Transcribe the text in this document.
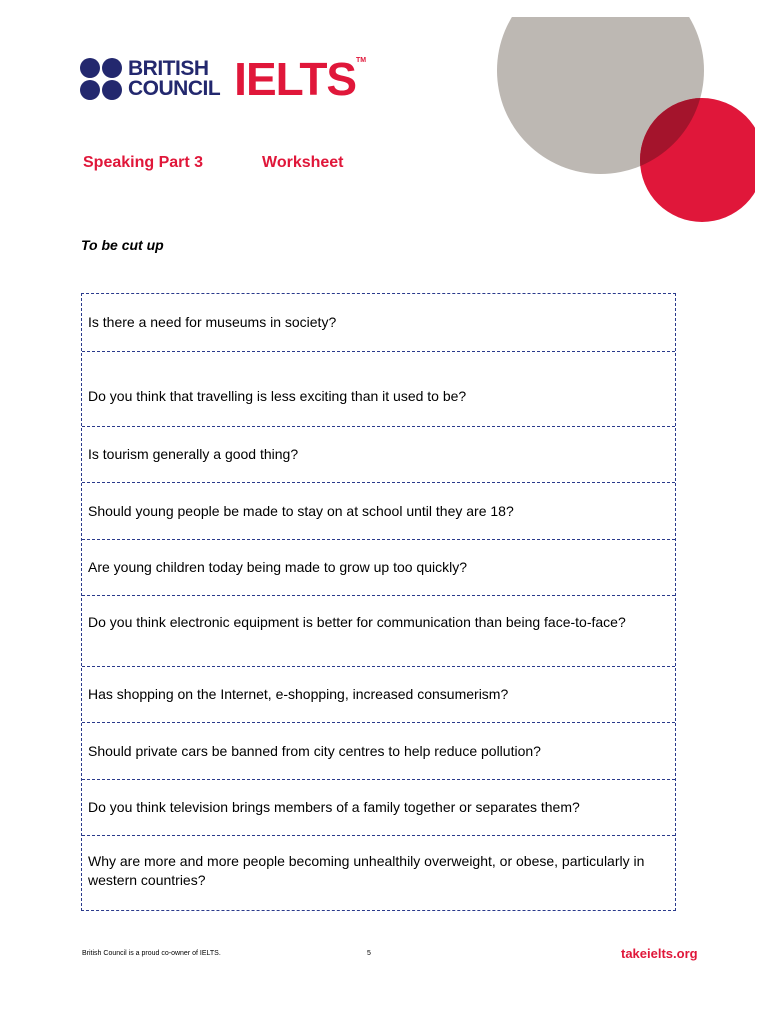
BRITISH
COUNCIL IELTS TM
Speaking Part 3	Worksheet
To be cut up
Is there a need for museums in society?
Do you think that travelling is less exciting than it used to be?
Is tourism generally a good thing?
Should young people be made to stay on at school until they are 18?
Are young children today being made to grow up too quickly?
Do you think electronic equipment is better for communication than being face-to-face?
Has shopping on the Internet, e-shopping, increased consumerism?
Should private cars be banned from city centres to help reduce pollution?
Do you think television brings members of a family together or separates them?
Why are more and more people becoming unhealthily overweight, or obese, particularly in western countries?
British Council is a proud co-owner of IELTS.	5	takeielts.org
